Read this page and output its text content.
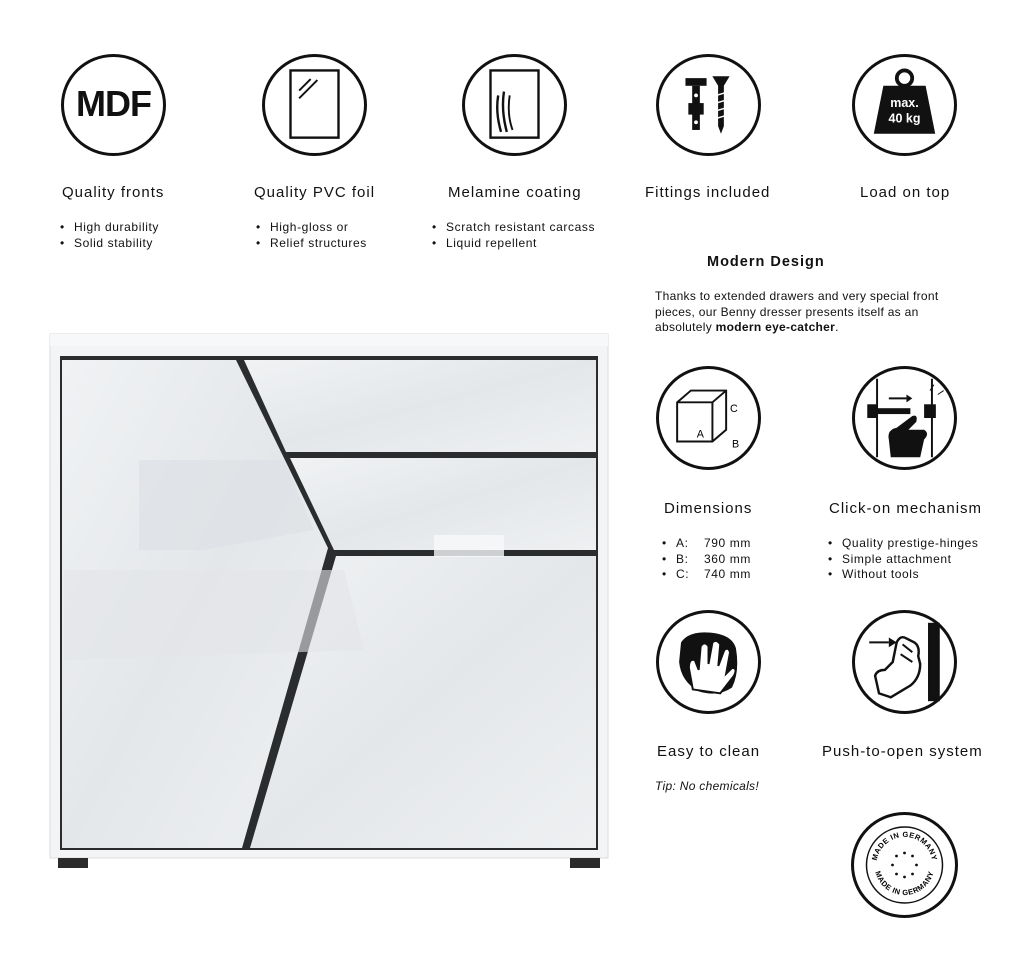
MDF
Quality fronts
• High durability
• Solid stability
Quality PVC foil
• High-gloss or
• Relief structures
Melamine coating
• Scratch resistant carcass
• Liquid repellent
Fittings included
max.
40 kg
Load on top
Modern Design

Thanks to extended drawers and very special front pieces, our Benny dresser presents itself as an absolutely modern eye-catcher.

A
C
B
Dimensions
• A: 790 mm
• B: 360 mm
• C: 740 mm
Click-on mechanism
• Quality prestige-hinges
• Simple attachment
• Without tools
Easy to clean
Tip: No chemicals!
Push-to-open system
MADE IN GERMANY
MADE IN GERMANY
